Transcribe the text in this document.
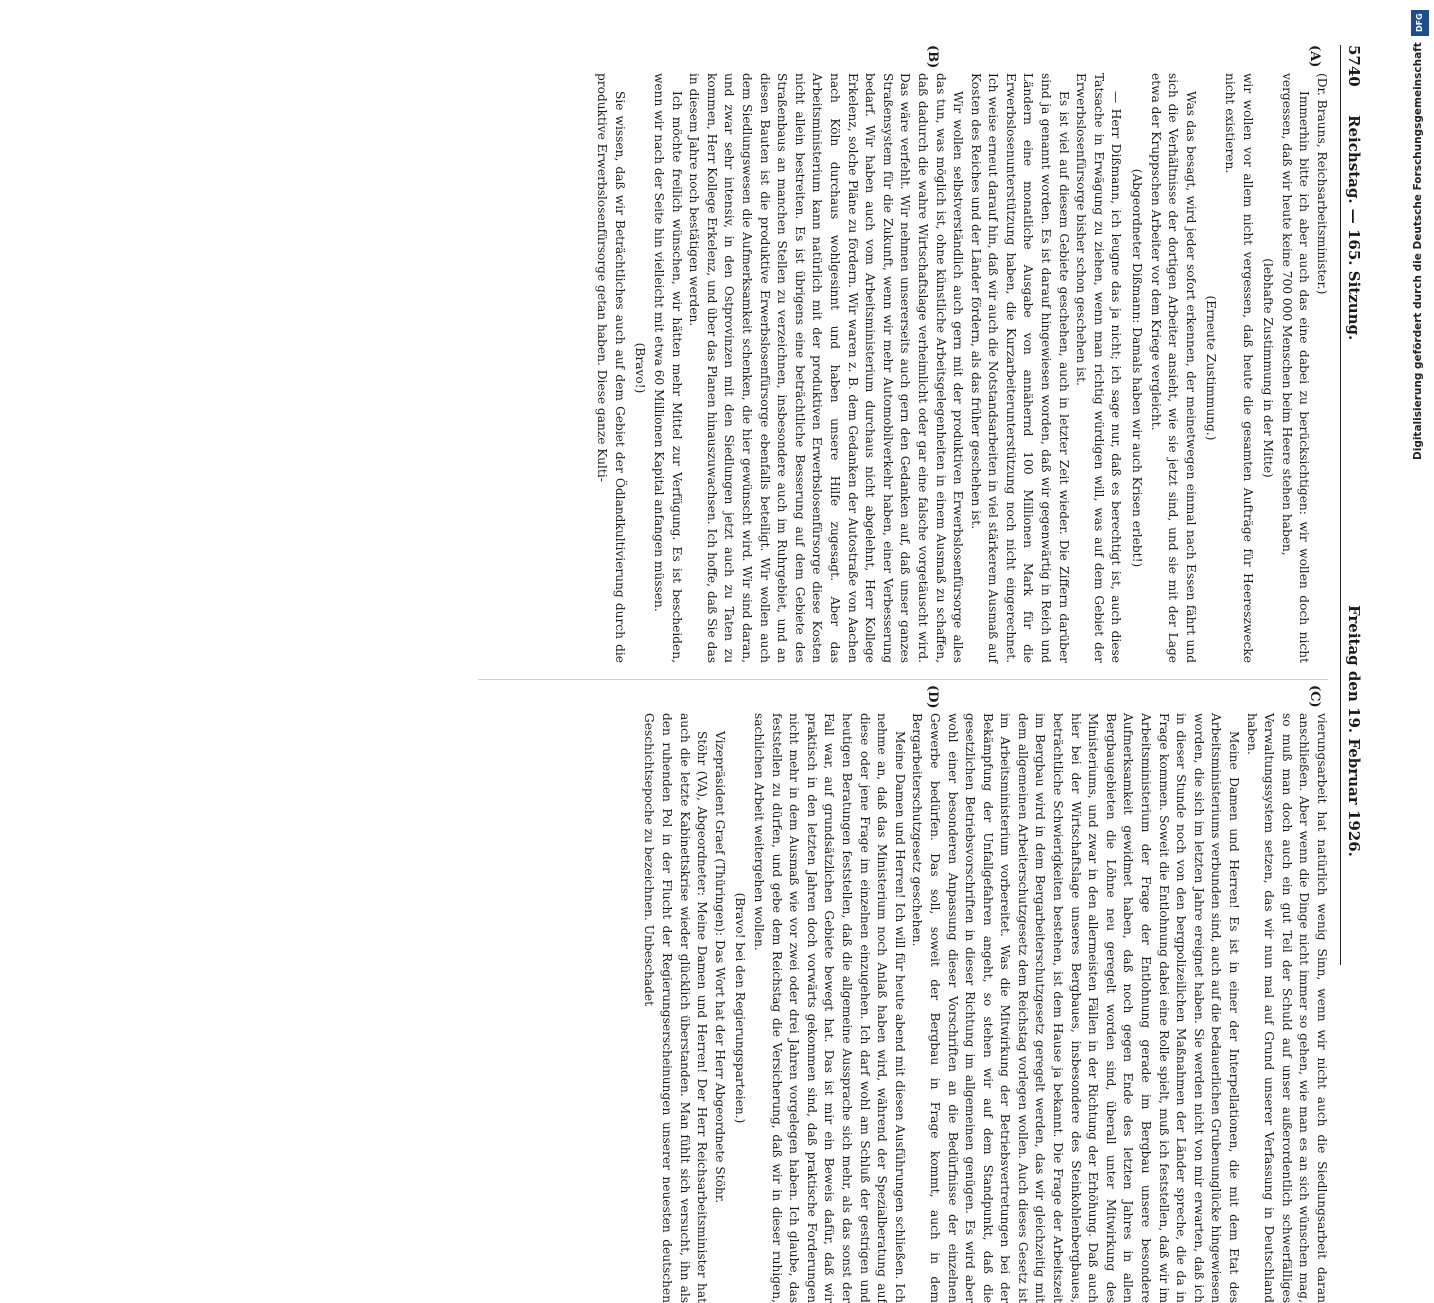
5740
Reichstag. — 165. Sitzung.
Freitag den 19. Februar 1926.
(A)
(B)
(C)
(D)

(Dr. Brauns, Reichsarbeitsminister.)

Immerhin bitte ich aber auch das eine dabei zu berücksichtigen: wir wollen doch nicht vergessen, daß wir heute keine 700 000 Menschen beim Heere stehen haben,

(lebhafte Zustimmung in der Mitte)

wir wollen vor allem nicht vergessen, daß heute die gesamten Aufträge für Heereszwecke nicht existieren.

(Erneute Zustimmung.)

Was das besagt, wird jeder sofort erkennen, der meinetwegen einmal nach Essen fährt und sich die Verhältnisse der dortigen Arbeiter ansieht, wie sie jetzt sind, und sie mit der Lage etwa der Kruppschen Arbeiter vor dem Kriege vergleicht.

(Abgeordneter Dißmann: Damals haben wir auch Krisen erlebt!)

— Herr Dißmann, ich leugne das ja nicht; ich sage nur, daß es berechtigt ist, auch diese Tatsache in Erwägung zu ziehen, wenn man richtig würdigen will, was auf dem Gebiet der Erwerbslosenfürsorge bisher schon geschehen ist.

Es ist viel auf diesem Gebiete geschehen, auch in letzter Zeit wieder. Die Ziffern darüber sind ja genannt worden. Es ist darauf hingewiesen worden, daß wir gegenwärtig in Reich und Ländern eine monatliche Ausgabe von annähernd 100 Millionen Mark für die Erwerbslosenunterstützung haben, die Kurzarbeiterunterstützung noch nicht eingerechnet. Ich weise erneut darauf hin, daß wir auch die Notstandsarbeiten in viel stärkerem Ausmaß auf Kosten des Reiches und der Länder fördern, als das früher geschehen ist.

Wir wollen selbstverständlich auch gern mit der produktiven Erwerbslosenfürsorge alles das tun, was möglich ist, ohne künstliche Arbeitsgelegenheiten in einem Ausmaß zu schaffen, daß dadurch die wahre Wirtschaftslage verheimlicht oder gar eine falsche vorgetäuscht wird. Das wäre verfehlt. Wir nehmen unsererseits auch gern den Gedanken auf, daß unser ganzes Straßensystem für die Zukunft, wenn wir mehr Automobilverkehr haben, einer Verbesserung bedarf. Wir haben auch vom Arbeitsministerium durchaus nicht abgelehnt, Herr Kollege Erkelenz, solche Pläne zu fördern. Wir waren z. B. dem Gedanken der Autostraße von Aachen nach Köln durchaus wohlgesinnt und haben unsere Hilfe zugesagt. Aber das Arbeitsministerium kann natürlich mit der produktiven Erwerbslosenfürsorge diese Kosten nicht allein bestreiten. Es ist übrigens eine beträchtliche Besserung auf dem Gebiete des Straßenbaus an manchen Stellen zu verzeichnen, insbesondere auch im Ruhrgebiet, und an diesen Bauten ist die produktive Erwerbslosenfürsorge ebenfalls beteiligt. Wir wollen auch dem Siedlungswesen die Aufmerksamkeit schenken, die hier gewünscht wird. Wir sind daran, und zwar sehr intensiv, in den Ostprovinzen mit den Siedlungen jetzt auch zu Taten zu kommen, Herr Kollege Erkelenz, und über das Planen hinauszuwachsen. Ich hoffe, daß Sie das in diesem Jahre noch bestätigen werden.

Ich möchte freilich wünschen, wir hätten mehr Mittel zur Verfügung. Es ist bescheiden, wenn wir nach der Seite hin vielleicht mit etwa 60 Millionen Kapital anfangen müssen.

(Bravo!)

Sie wissen, daß wir Beträchtliches auch auf dem Gebiet der Ödlandkultivierung durch die produktive Erwerbslosenfürsorge getan haben. Diese ganze Kulti-

vierungsarbeit hat natürlich wenig Sinn, wenn wir nicht auch die Siedlungsarbeit daran anschließen. Aber wenn die Dinge nicht immer so gehen, wie man es an sich wünschen mag, so muß man doch auch ein gut Teil der Schuld auf unser außerordentlich schwerfälliges Verwaltungssystem setzen, das wir nun mal auf Grund unserer Verfassung in Deutschland haben.

Meine Damen und Herren! Es ist in einer der Interpellationen, die mit dem Etat des Arbeitsministeriums verbunden sind, auch auf die bedauerlichen Grubenunglücke hingewiesen worden, die sich im letzten Jahre ereignet haben. Sie werden nicht von mir erwarten, daß ich in dieser Stunde noch von den bergpolizeilichen Maßnahmen der Länder spreche, die da in Frage kommen. Soweit die Entlohnung dabei eine Rolle spielt, muß ich feststellen, daß wir im Arbeitsministerium der Frage der Entlohnung gerade im Bergbau unsere besondere Aufmerksamkeit gewidmet haben, daß noch gegen Ende des letzten Jahres in allen Bergbaugebieten die Löhne neu geregelt worden sind, überall unter Mitwirkung des Ministeriums, und zwar in den allermeisten Fällen in der Richtung der Erhöhung. Daß auch hier bei der Wirtschaftslage unseres Bergbaues, insbesondere des Steinkohlenbergbaues, beträchtliche Schwierigkeiten bestehen, ist dem Hause ja bekannt. Die Frage der Arbeitszeit im Bergbau wird in dem Bergarbeiterschutzgesetz geregelt werden, das wir gleichzeitig mit dem allgemeinen Arbeiterschutzgesetz dem Reichstag vorlegen wollen. Auch dieses Gesetz ist im Arbeitsministerium vorbereitet. Was die Mitwirkung der Betriebsvertretungen bei der Bekämpfung der Unfallgefahren angeht, so stehen wir auf dem Standpunkt, daß die gesetzlichen Betriebsvorschriften in dieser Richtung im allgemeinen genügen. Es wird aber wohl einer besonderen Anpassung dieser Vorschriften an die Bedürfnisse der einzelnen Gewerbe bedürfen. Das soll, soweit der Bergbau in Frage kommt, auch in dem Bergarbeiterschutzgesetz geschehen.

Meine Damen und Herren! Ich will für heute abend mit diesen Ausführungen schließen. Ich nehme an, daß das Ministerium noch Anlaß haben wird, während der Spezialberatung auf diese oder jene Frage im einzelnen einzugehen. Ich darf wohl am Schluß der gestrigen und heutigen Beratungen feststellen, daß die allgemeine Aussprache sich mehr, als das sonst der Fall war, auf grundsätzlichen Gebiete bewegt hat. Das ist mir ein Beweis dafür, daß wir praktisch in den letzten Jahren doch vorwärts gekommen sind, daß praktische Forderungen nicht mehr in dem Ausmaß wie vor zwei oder drei Jahren vorgelegen haben. Ich glaube, das feststellen zu dürfen, und gebe dem Reichstag die Versicherung, daß wir in dieser ruhigen, sachlichen Arbeit weitergehen wollen.

(Bravo! bei den Regierungsparteien.)

Vizepräsident Graef (Thüringen): Das Wort hat der Herr Abgeordnete Stöhr.

Stöhr (VA), Abgeordneter: Meine Damen und Herren! Der Herr Reichsarbeitsminister hat auch die letzte Kabinettskrise wieder glücklich überstanden. Man fühlt sich versucht, ihn als den ruhenden Pol in der Flucht der Regierungserscheinungen unserer neuesten deutschen Geschichtsepoche zu bezeichnen. Unbeschadet

DFG
Digitalisierung gefördert durch die Deutsche Forschungsgemeinschaft
